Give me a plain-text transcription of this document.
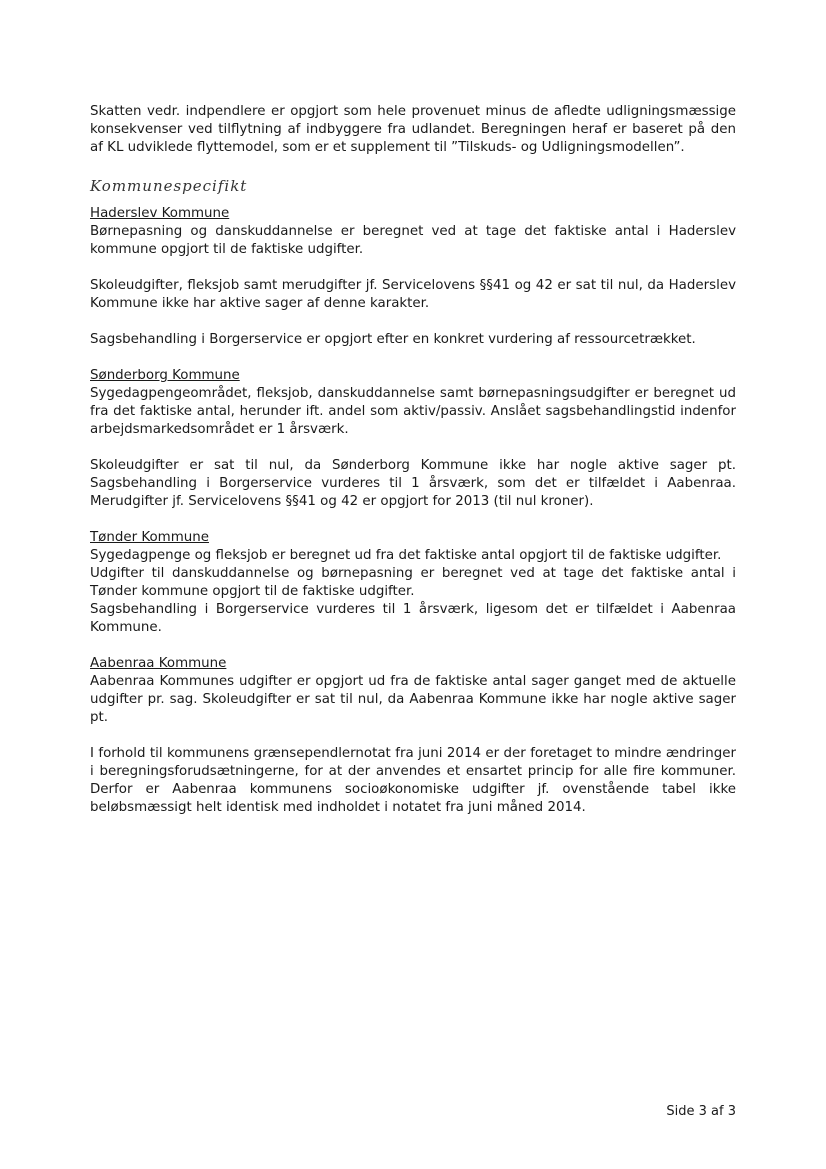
Skatten vedr. indpendlere er opgjort som hele provenuet minus de afledte udligningsmæssige konsekvenser ved tilflytning af indbyggere fra udlandet. Beregningen heraf er baseret på den af KL udviklede flyttemodel, som er et supplement til ”Tilskuds- og Udligningsmodellen”.

Kommunespecifikt
Haderslev Kommune

Børnepasning og danskuddannelse er beregnet ved at tage det faktiske antal i Haderslev kommune opgjort til de faktiske udgifter.

Skoleudgifter, fleksjob samt merudgifter jf. Servicelovens §§41 og 42 er sat til nul, da Haderslev Kommune ikke har aktive sager af denne karakter.

Sagsbehandling i Borgerservice er opgjort efter en konkret vurdering af ressourcetrækket.

Sønderborg Kommune

Sygedagpengeområdet, fleksjob, danskuddannelse samt børnepasningsudgifter er beregnet ud fra det faktiske antal, herunder ift. andel som aktiv/passiv. Anslået sagsbehandlingstid indenfor arbejdsmarkedsområdet er 1 årsværk.

Skoleudgifter er sat til nul, da Sønderborg Kommune ikke har nogle aktive sager pt. Sagsbehandling i Borgerservice vurderes til 1 årsværk, som det er tilfældet i Aabenraa. Merudgifter jf. Servicelovens §§41 og 42 er opgjort for 2013 (til nul kroner).

Tønder Kommune

Sygedagpenge og fleksjob er beregnet ud fra det faktiske antal opgjort til de faktiske udgifter.

Udgifter til danskuddannelse og børnepasning er beregnet ved at tage det faktiske antal i Tønder kommune opgjort til de faktiske udgifter.

Sagsbehandling i Borgerservice vurderes til 1 årsværk, ligesom det er tilfældet i Aabenraa Kommune.

Aabenraa Kommune

Aabenraa Kommunes udgifter er opgjort ud fra de faktiske antal sager ganget med de aktuelle udgifter pr. sag. Skoleudgifter er sat til nul, da Aabenraa Kommune ikke har nogle aktive sager pt.

I forhold til kommunens grænsependlernotat fra juni 2014 er der foretaget to mindre ændringer i beregningsforudsætningerne, for at der anvendes et ensartet princip for alle fire kommuner. Derfor er Aabenraa kommunens socioøkonomiske udgifter jf. ovenstående tabel ikke beløbsmæssigt helt identisk med indholdet i notatet fra juni måned 2014.

Side 3 af 3
